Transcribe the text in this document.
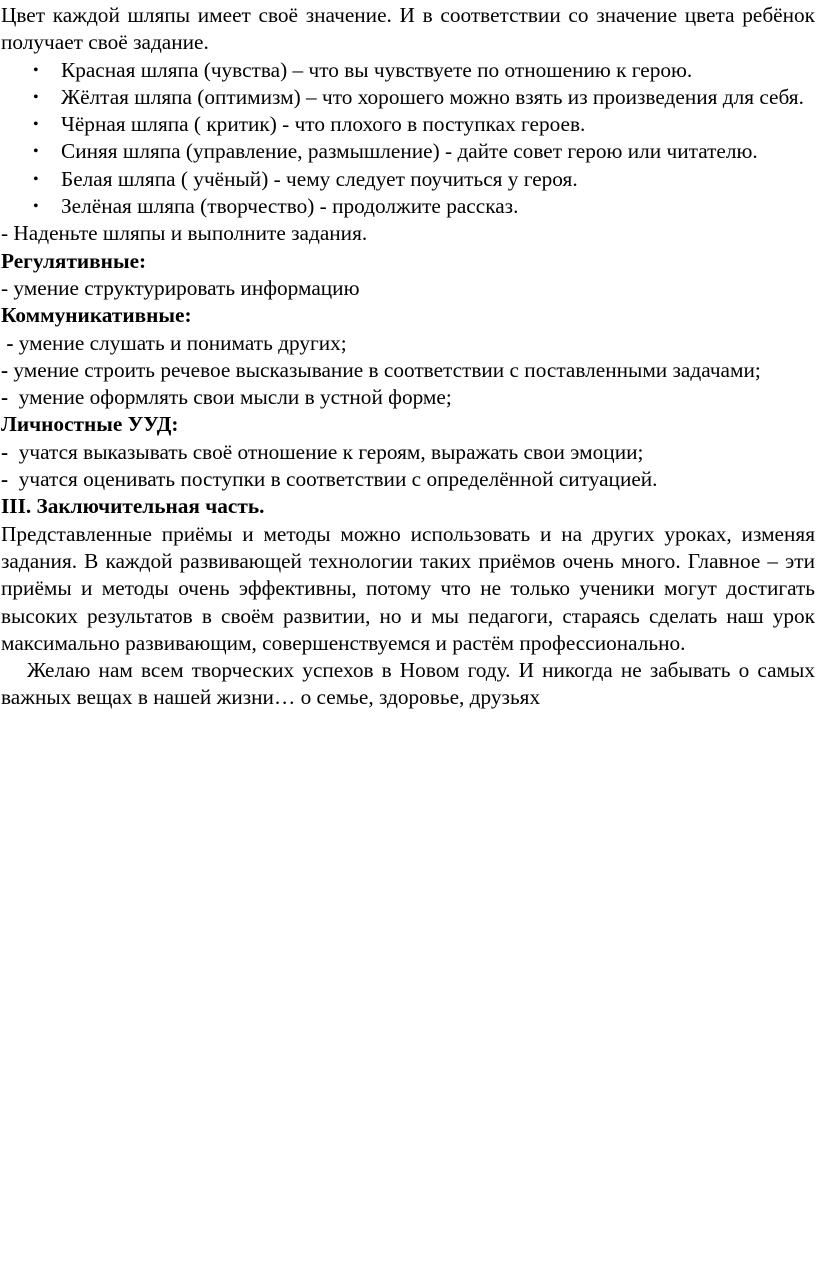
Цвет каждой шляпы имеет своё значение. И в соответствии со значение цвета ребёнок получает своё задание.

• Красная шляпа (чувства) – что вы чувствуете по отношению к герою.
• Жёлтая шляпа (оптимизм) – что хорошего можно взять из произведения для себя.
• Чёрная шляпа ( критик) - что плохого в поступках героев.
• Синяя шляпа (управление, размышление) - дайте совет герою или читателю.
• Белая шляпа ( учёный) - чему следует поучиться у героя.
• Зелёная шляпа (творчество) - продолжите рассказ.

- Наденьте шляпы и выполните задания.

Регулятивные:

- умение структурировать информацию

Коммуникативные:

- умение слушать и понимать других;

- умение строить речевое высказывание в соответствии с поставленными задачами;

- умение оформлять свои мысли в устной форме;

Личностные УУД:

- учатся выказывать своё отношение к героям, выражать свои эмоции;

- учатся оценивать поступки в соответствии с определённой ситуацией.

III. Заключительная часть.

Представленные приёмы и методы можно использовать и на других уроках, изменяя задания. В каждой развивающей технологии таких приёмов очень много. Главное – эти приёмы и методы очень эффективны, потому что не только ученики могут достигать высоких результатов в своём развитии, но и мы педагоги, стараясь сделать наш урок максимально развивающим, совершенствуемся и растём профессионально.

Желаю нам всем творческих успехов в Новом году. И никогда не забывать о самых важных вещах в нашей жизни… о семье, здоровье, друзьях
